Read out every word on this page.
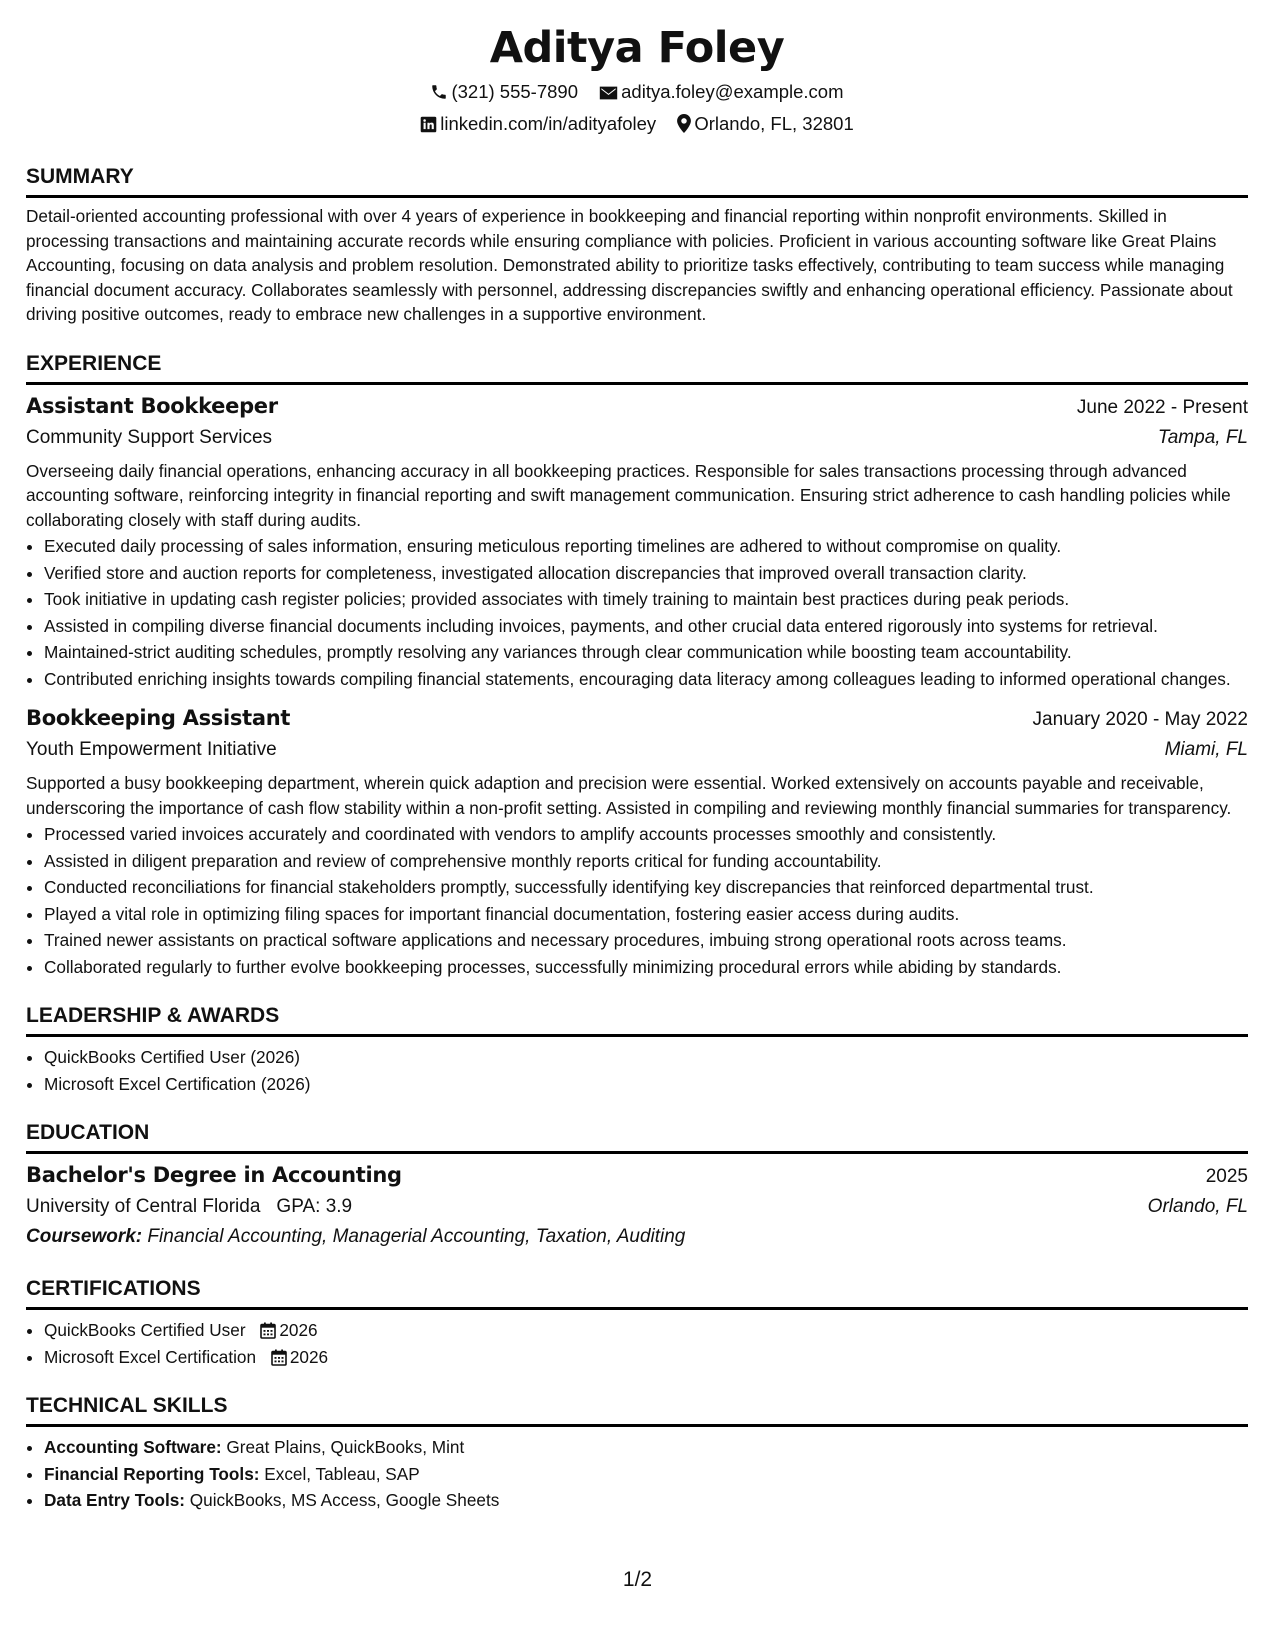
Aditya Foley
(321) 555-7890 aditya.foley@example.com
linkedin.com/in/adityafoley Orlando, FL, 32801
SUMMARY

Detail-oriented accounting professional with over 4 years of experience in bookkeeping and financial reporting within nonprofit environments. Skilled in processing transactions and maintaining accurate records while ensuring compliance with policies. Proficient in various accounting software like Great Plains Accounting, focusing on data analysis and problem resolution. Demonstrated ability to prioritize tasks effectively, contributing to team success while managing financial document accuracy. Collaborates seamlessly with personnel, addressing discrepancies swiftly and enhancing operational efficiency. Passionate about driving positive outcomes, ready to embrace new challenges in a supportive environment.

EXPERIENCE
Assistant Bookkeeper	June 2022 - Present
Community Support Services	Tampa, FL

Overseeing daily financial operations, enhancing accuracy in all bookkeeping practices. Responsible for sales transactions processing through advanced accounting software, reinforcing integrity in financial reporting and swift management communication. Ensuring strict adherence to cash handling policies while collaborating closely with staff during audits.

• Executed daily processing of sales information, ensuring meticulous reporting timelines are adhered to without compromise on quality.
• Verified store and auction reports for completeness, investigated allocation discrepancies that improved overall transaction clarity.
• Took initiative in updating cash register policies; provided associates with timely training to maintain best practices during peak periods.
• Assisted in compiling diverse financial documents including invoices, payments, and other crucial data entered rigorously into systems for retrieval.
• Maintained-strict auditing schedules, promptly resolving any variances through clear communication while boosting team accountability.
• Contributed enriching insights towards compiling financial statements, encouraging data literacy among colleagues leading to informed operational changes.
Bookkeeping Assistant	January 2020 - May 2022
Youth Empowerment Initiative	Miami, FL

Supported a busy bookkeeping department, wherein quick adaption and precision were essential. Worked extensively on accounts payable and receivable, underscoring the importance of cash flow stability within a non-profit setting. Assisted in compiling and reviewing monthly financial summaries for transparency.

• Processed varied invoices accurately and coordinated with vendors to amplify accounts processes smoothly and consistently.
• Assisted in diligent preparation and review of comprehensive monthly reports critical for funding accountability.
• Conducted reconciliations for financial stakeholders promptly, successfully identifying key discrepancies that reinforced departmental trust.
• Played a vital role in optimizing filing spaces for important financial documentation, fostering easier access during audits.
• Trained newer assistants on practical software applications and necessary procedures, imbuing strong operational roots across teams.
• Collaborated regularly to further evolve bookkeeping processes, successfully minimizing procedural errors while abiding by standards.
LEADERSHIP & AWARDS
• QuickBooks Certified User (2026)
• Microsoft Excel Certification (2026)
EDUCATION
Bachelor's Degree in Accounting	2025
University of Central Florida GPA: 3.9	Orlando, FL
Coursework: Financial Accounting, Managerial Accounting, Taxation, Auditing
CERTIFICATIONS
• QuickBooks Certified User 2026
• Microsoft Excel Certification 2026
TECHNICAL SKILLS
• Accounting Software: Great Plains, QuickBooks, Mint
• Financial Reporting Tools: Excel, Tableau, SAP
• Data Entry Tools: QuickBooks, MS Access, Google Sheets
1/2
